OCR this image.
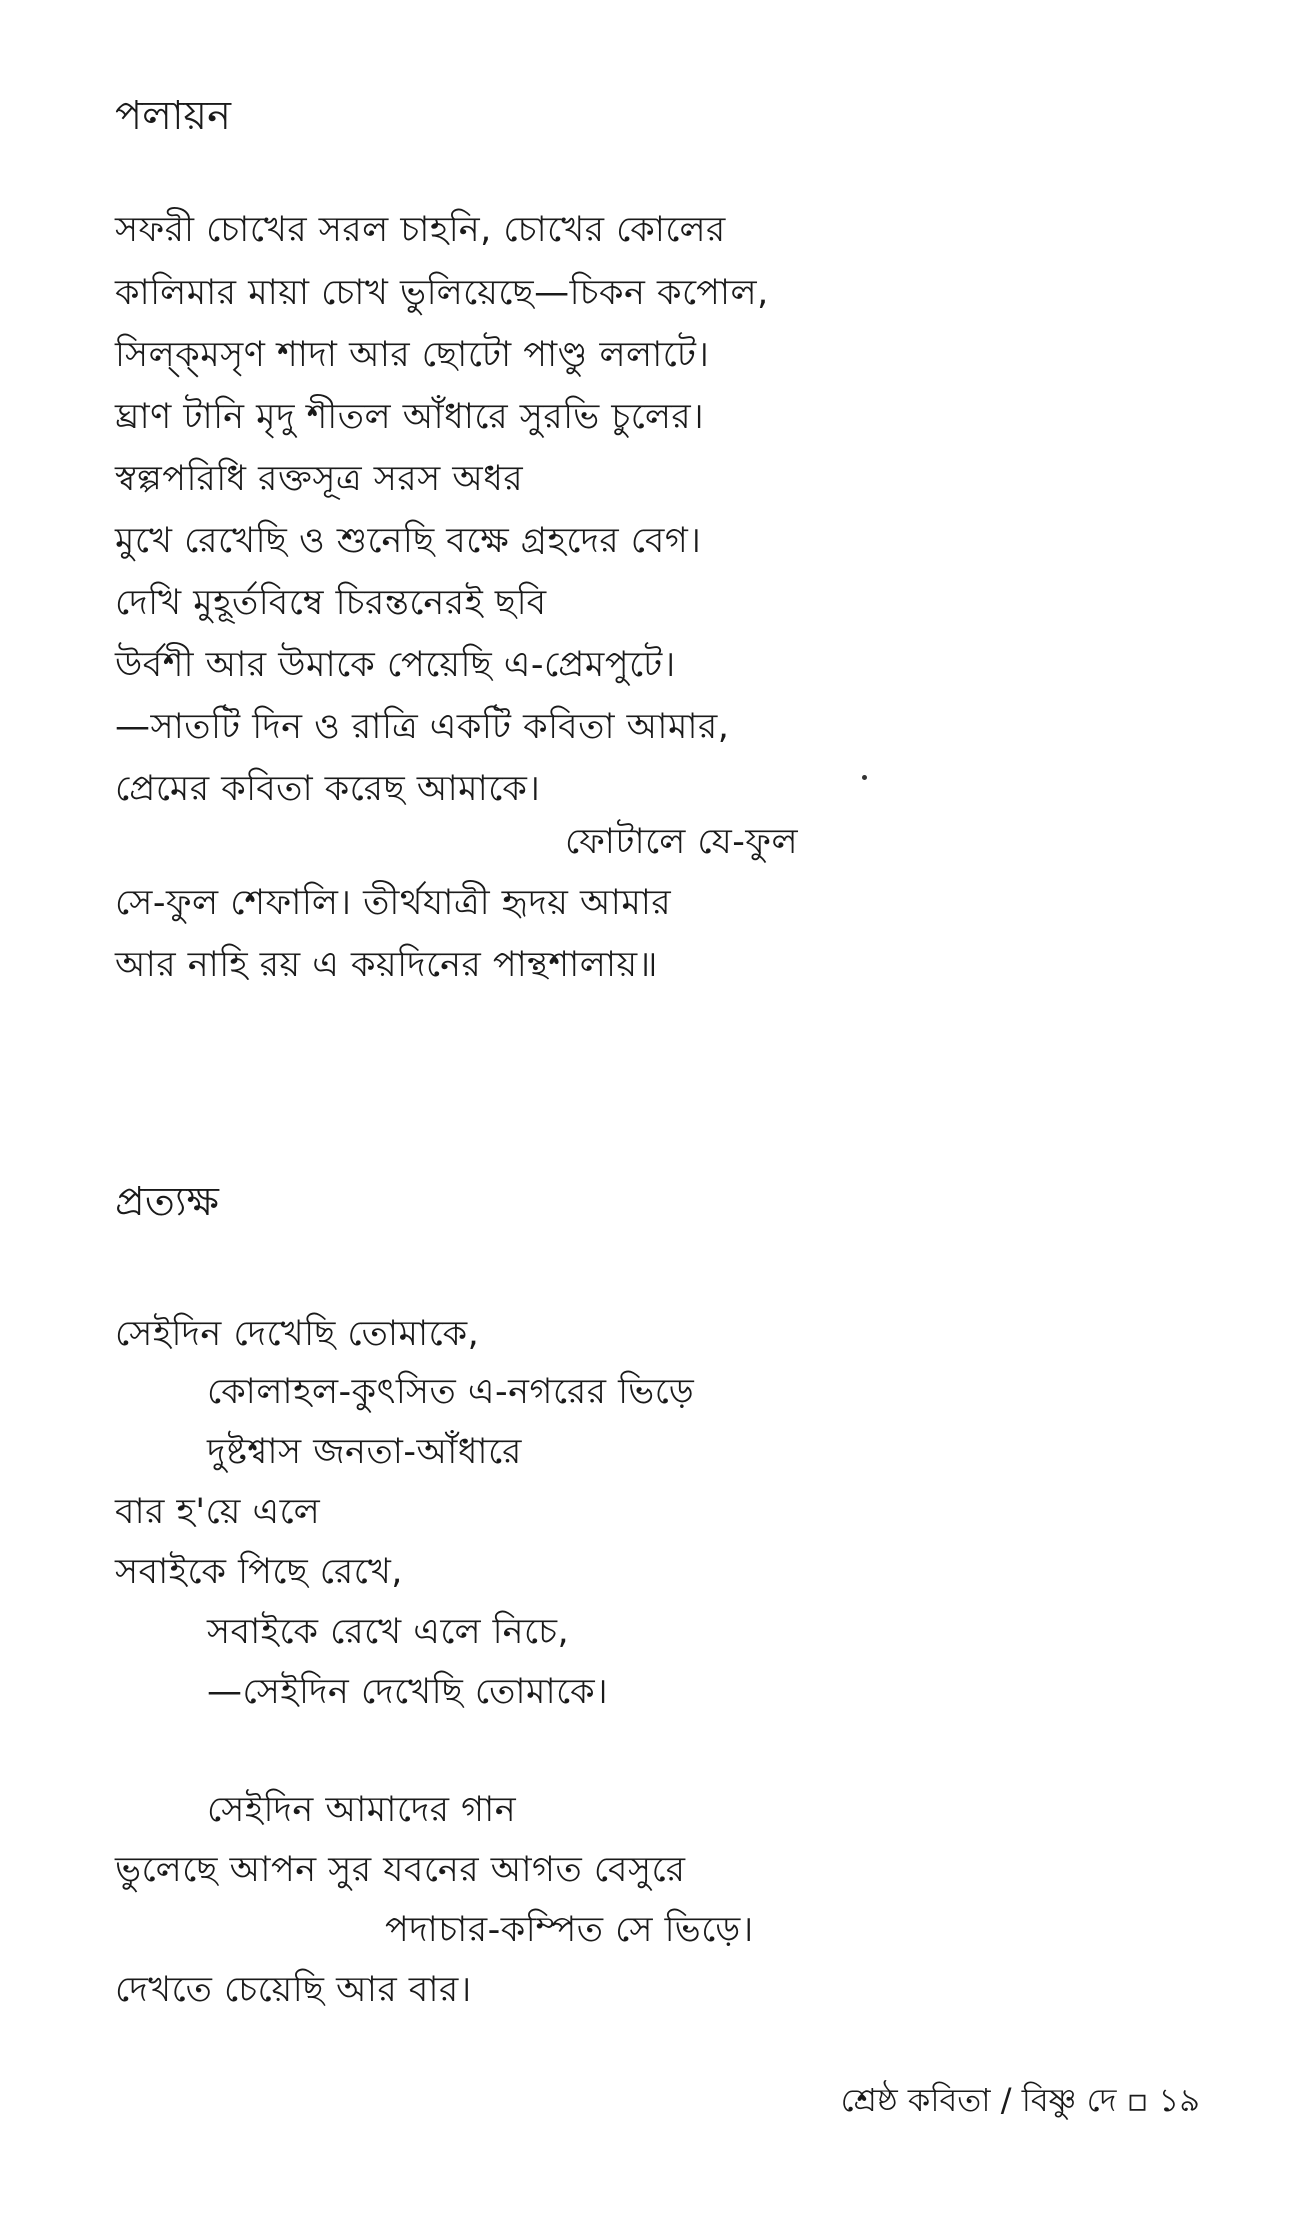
পলায়ন
সফরী চোখের সরল চাহনি, চোখের কোলের
কালিমার মায়া চোখ ভুলিয়েছে—চিকন কপোল,
সিল্‌ক্‌মসৃণ শাদা আর ছোটো পাণ্ডু ললাটে।
ঘ্রাণ টানি মৃদু শীতল আঁধারে সুরভি চুলের।
স্বল্পপরিধি রক্তসূত্র সরস অধর
মুখে রেখেছি ও শুনেছি বক্ষে গ্রহদের বেগ।
দেখি মুহূর্তবিম্বে চিরন্তনেরই ছবি
উর্বশী আর উমাকে পেয়েছি এ-প্রেমপুটে।
—সাতটি দিন ও রাত্রি একটি কবিতা আমার,
প্রেমের কবিতা করেছ আমাকে।
ফোটালে যে-ফুল
সে-ফুল শেফালি। তীর্থযাত্রী হৃদয় আমার
আর নাহি রয় এ কয়দিনের পান্থশালায়॥
প্রত্যক্ষ
সেইদিন দেখেছি তোমাকে,
কোলাহল-কুৎসিত এ-নগরের ভিড়ে
দুষ্টশ্বাস জনতা-আঁধারে
বার হ'য়ে এলে
সবাইকে পিছে রেখে,
সবাইকে রেখে এলে নিচে,
—সেইদিন দেখেছি তোমাকে।
সেইদিন আমাদের গান
ভুলেছে আপন সুর যবনের আগত বেসুরে
পদাচার-কম্পিত সে ভিড়ে।
দেখতে চেয়েছি আর বার।
শ্রেষ্ঠ কবিতা / বিষ্ণু দে ▫ ১৯
